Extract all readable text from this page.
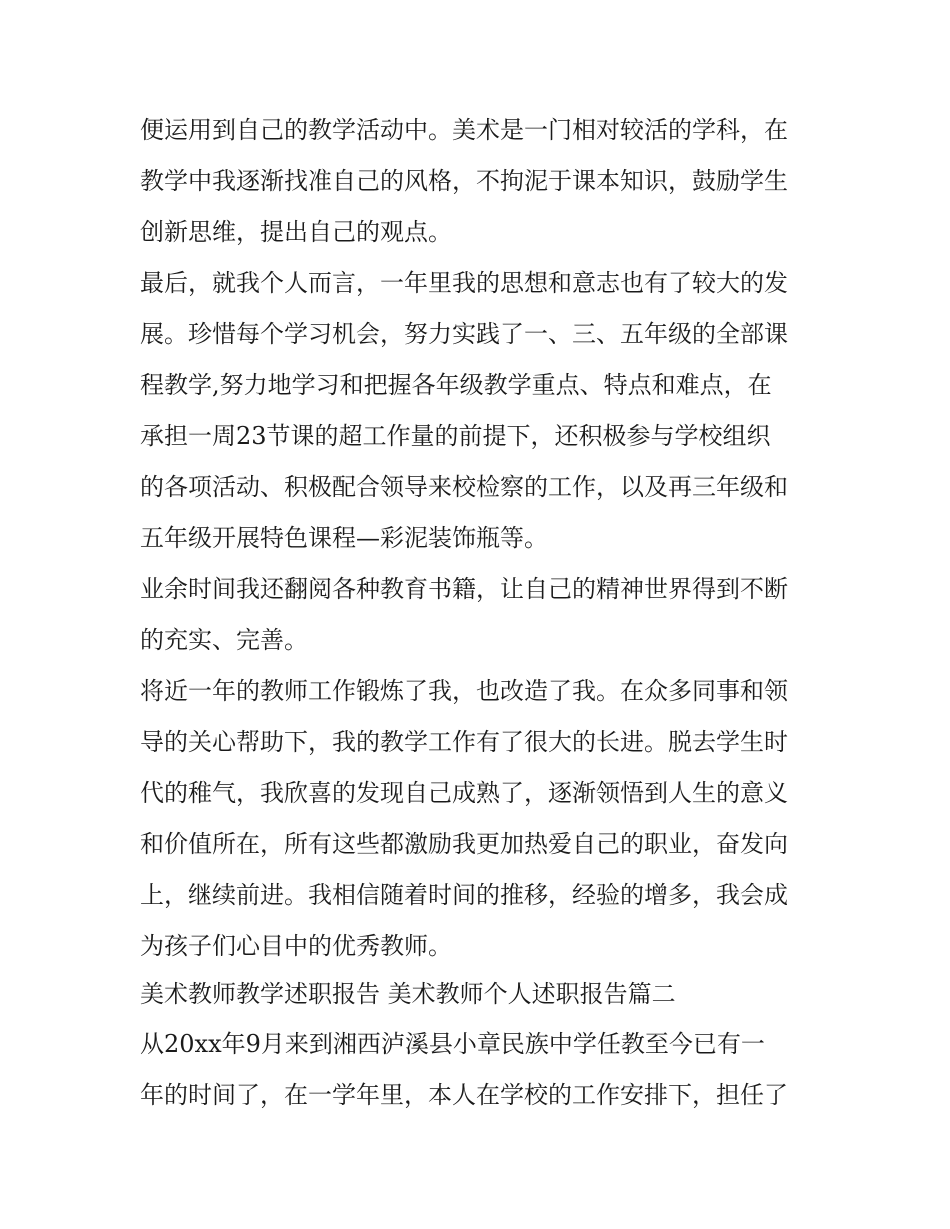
便运用到自己的教学活动中。美术是一门相对较活的学科，在
教学中我逐渐找准自己的风格，不拘泥于课本知识，鼓励学生
创新思维，提出自己的观点。
最后，就我个人而言，一年里我的思想和意志也有了较大的发
展。珍惜每个学习机会，努力实践了一、三、五年级的全部课
程教学,努力地学习和把握各年级教学重点、特点和难点，在
承担一周23节课的超工作量的前提下，还积极参与学校组织
的各项活动、积极配合领导来校检察的工作，以及再三年级和
五年级开展特色课程—彩泥装饰瓶等。
业余时间我还翻阅各种教育书籍，让自己的精神世界得到不断
的充实、完善。
将近一年的教师工作锻炼了我，也改造了我。在众多同事和领
导的关心帮助下，我的教学工作有了很大的长进。脱去学生时
代的稚气，我欣喜的发现自己成熟了，逐渐领悟到人生的意义
和价值所在，所有这些都激励我更加热爱自己的职业，奋发向
上，继续前进。我相信随着时间的推移，经验的增多，我会成
为孩子们心目中的优秀教师。
美术教师教学述职报告 美术教师个人述职报告篇二
从20xx年9月来到湘西泸溪县小章民族中学任教至今已有一
年的时间了，在一学年里，本人在学校的工作安排下，担任了
